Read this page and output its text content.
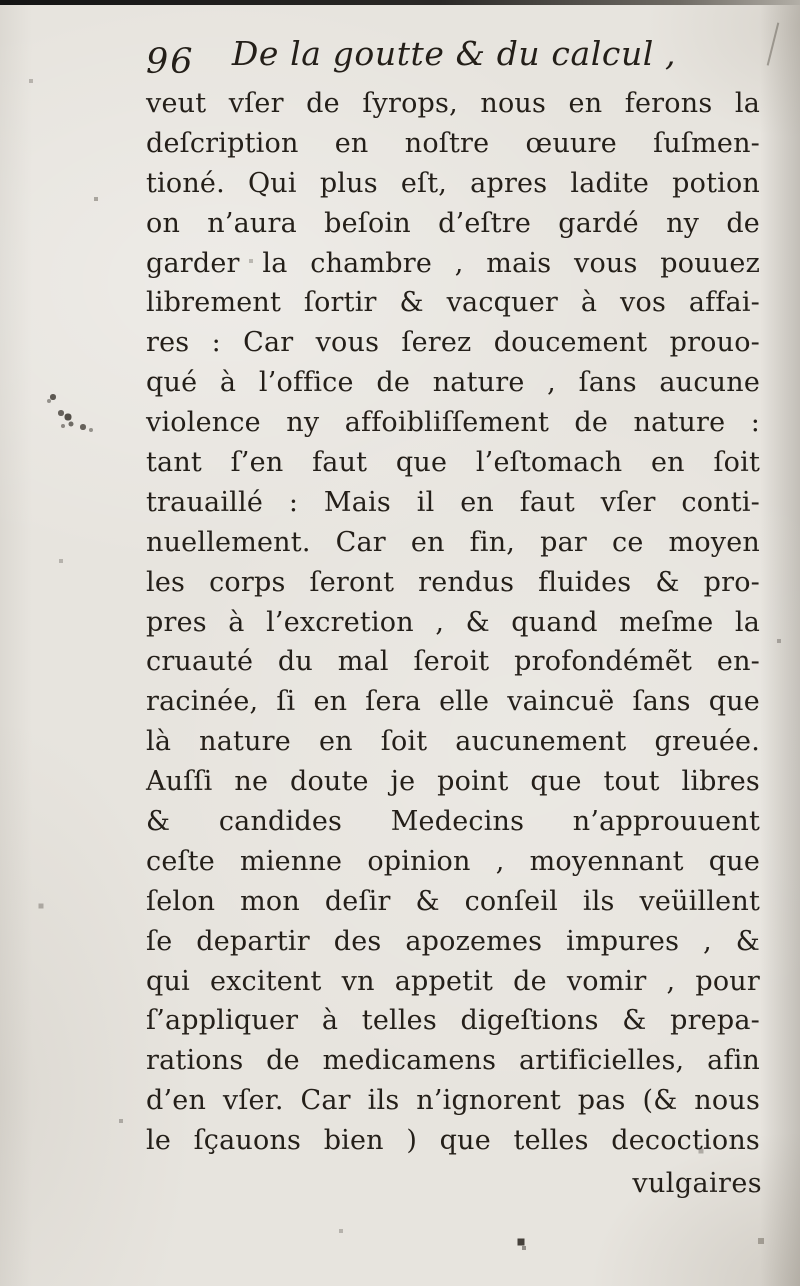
96 De la goutte & du calcul ,
veut vſer de ſyrops, nous en ferons la
deſcription en noſtre œuure ſuſmen-
tioné. Qui plus eſt, apres ladite potion
on n’aura beſoin d’eſtre gardé ny de
garder la chambre , mais vous pouuez
librement ſortir & vacquer à vos affai-
res : Car vous ſerez doucement prouo-
qué à l’office de nature , ſans aucune
violence ny affoibliſſement de nature :
tant ſ’en faut que l’eſtomach en ſoit
trauaillé : Mais il en faut vſer conti-
nuellement. Car en fin, par ce moyen
les corps ſeront rendus fluides & pro-
pres à l’excretion , & quand meſme la
cruauté du mal ſeroit profondémẽt en-
racinée, ſi en ſera elle vaincuë ſans que
là nature en ſoit aucunement greuée.
Auſſi ne doute je point que tout libres
& candides Medecins n’approuuent
ceſte mienne opinion , moyennant que
ſelon mon deſir & conſeil ils veüillent
ſe departir des apozemes impures , &
qui excitent vn appetit de vomir , pour
ſ’appliquer à telles digeſtions & prepa-
rations de medicamens artificielles, afin
d’en vſer. Car ils n’ignorent pas (& nous
le ſçauons bien ) que telles decoctions
vulgaires
